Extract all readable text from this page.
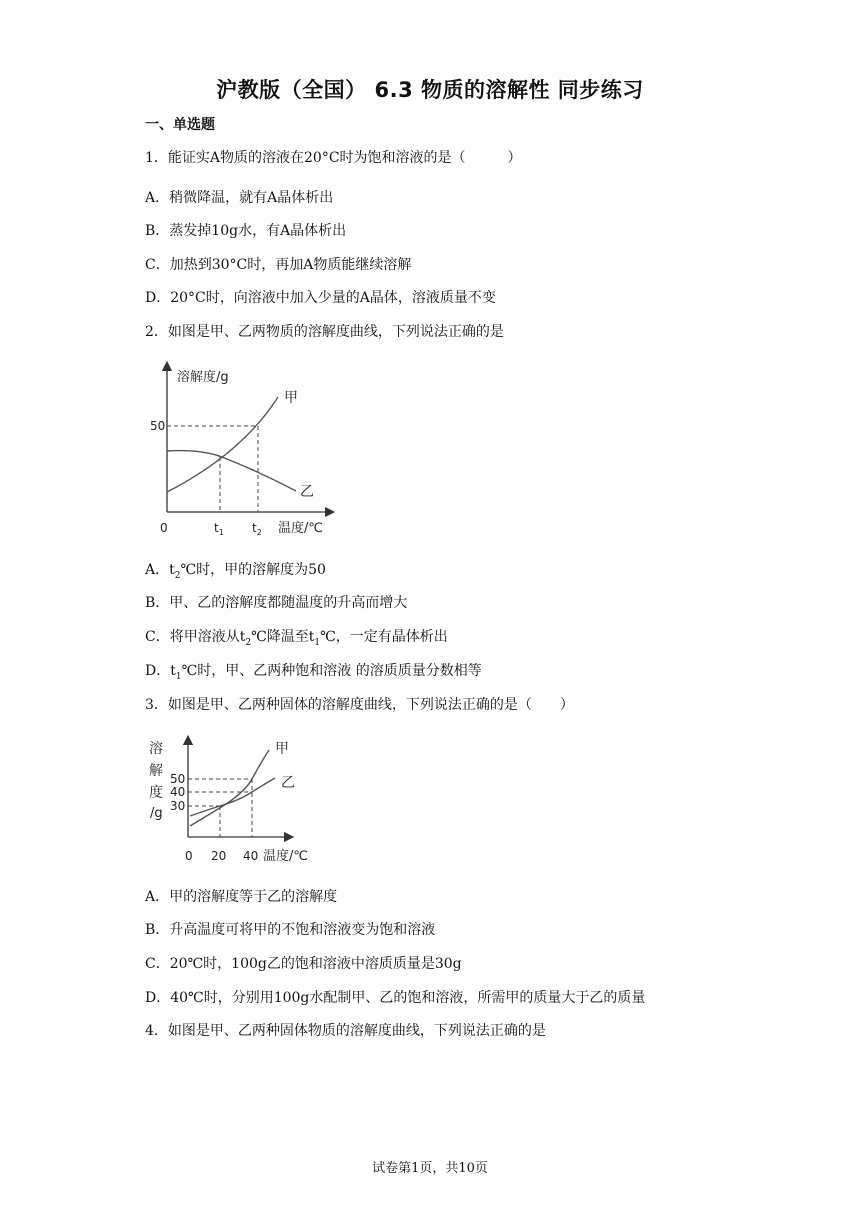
沪教版（全国） 6.3 物质的溶解性 同步练习
一、单选题
1．能证实A物质的溶液在20°C时为饱和溶液的是（　　　）
A．稍微降温，就有A晶体析出
B．蒸发掉10g水，有A晶体析出
C．加热到30°C时，再加A物质能继续溶解
D．20°C时，向溶液中加入少量的A晶体，溶液质量不变
2．如图是甲、乙两物质的溶解度曲线，下列说法正确的是
溶解度/g
50
0	$t_1$ $t_2$ 温度/℃
甲
乙
A．$t_2℃$时，甲的溶解度为50
B．甲、乙的溶解度都随温度的升高而增大
C．将甲溶液从$t_2℃$降温至$t_1℃$，一定有晶体析出
D．$t_1℃$时，甲、乙两种饱和溶液 的溶质质量分数相等
3．如图是甲、乙两种固体的溶解度曲线，下列说法正确的是（　　）
溶
解
度
/g
50
40
30
0 20 40 温度/℃
甲
乙
A．甲的溶解度等于乙的溶解度
B．升高温度可将甲的不饱和溶液变为饱和溶液
C．20℃时，100g乙的饱和溶液中溶质质量是30g
D．40℃时，分别用100g水配制甲、乙的饱和溶液，所需甲的质量大于乙的质量
4．如图是甲、乙两种固体物质的溶解度曲线，下列说法正确的是
试卷第1页，共10页
